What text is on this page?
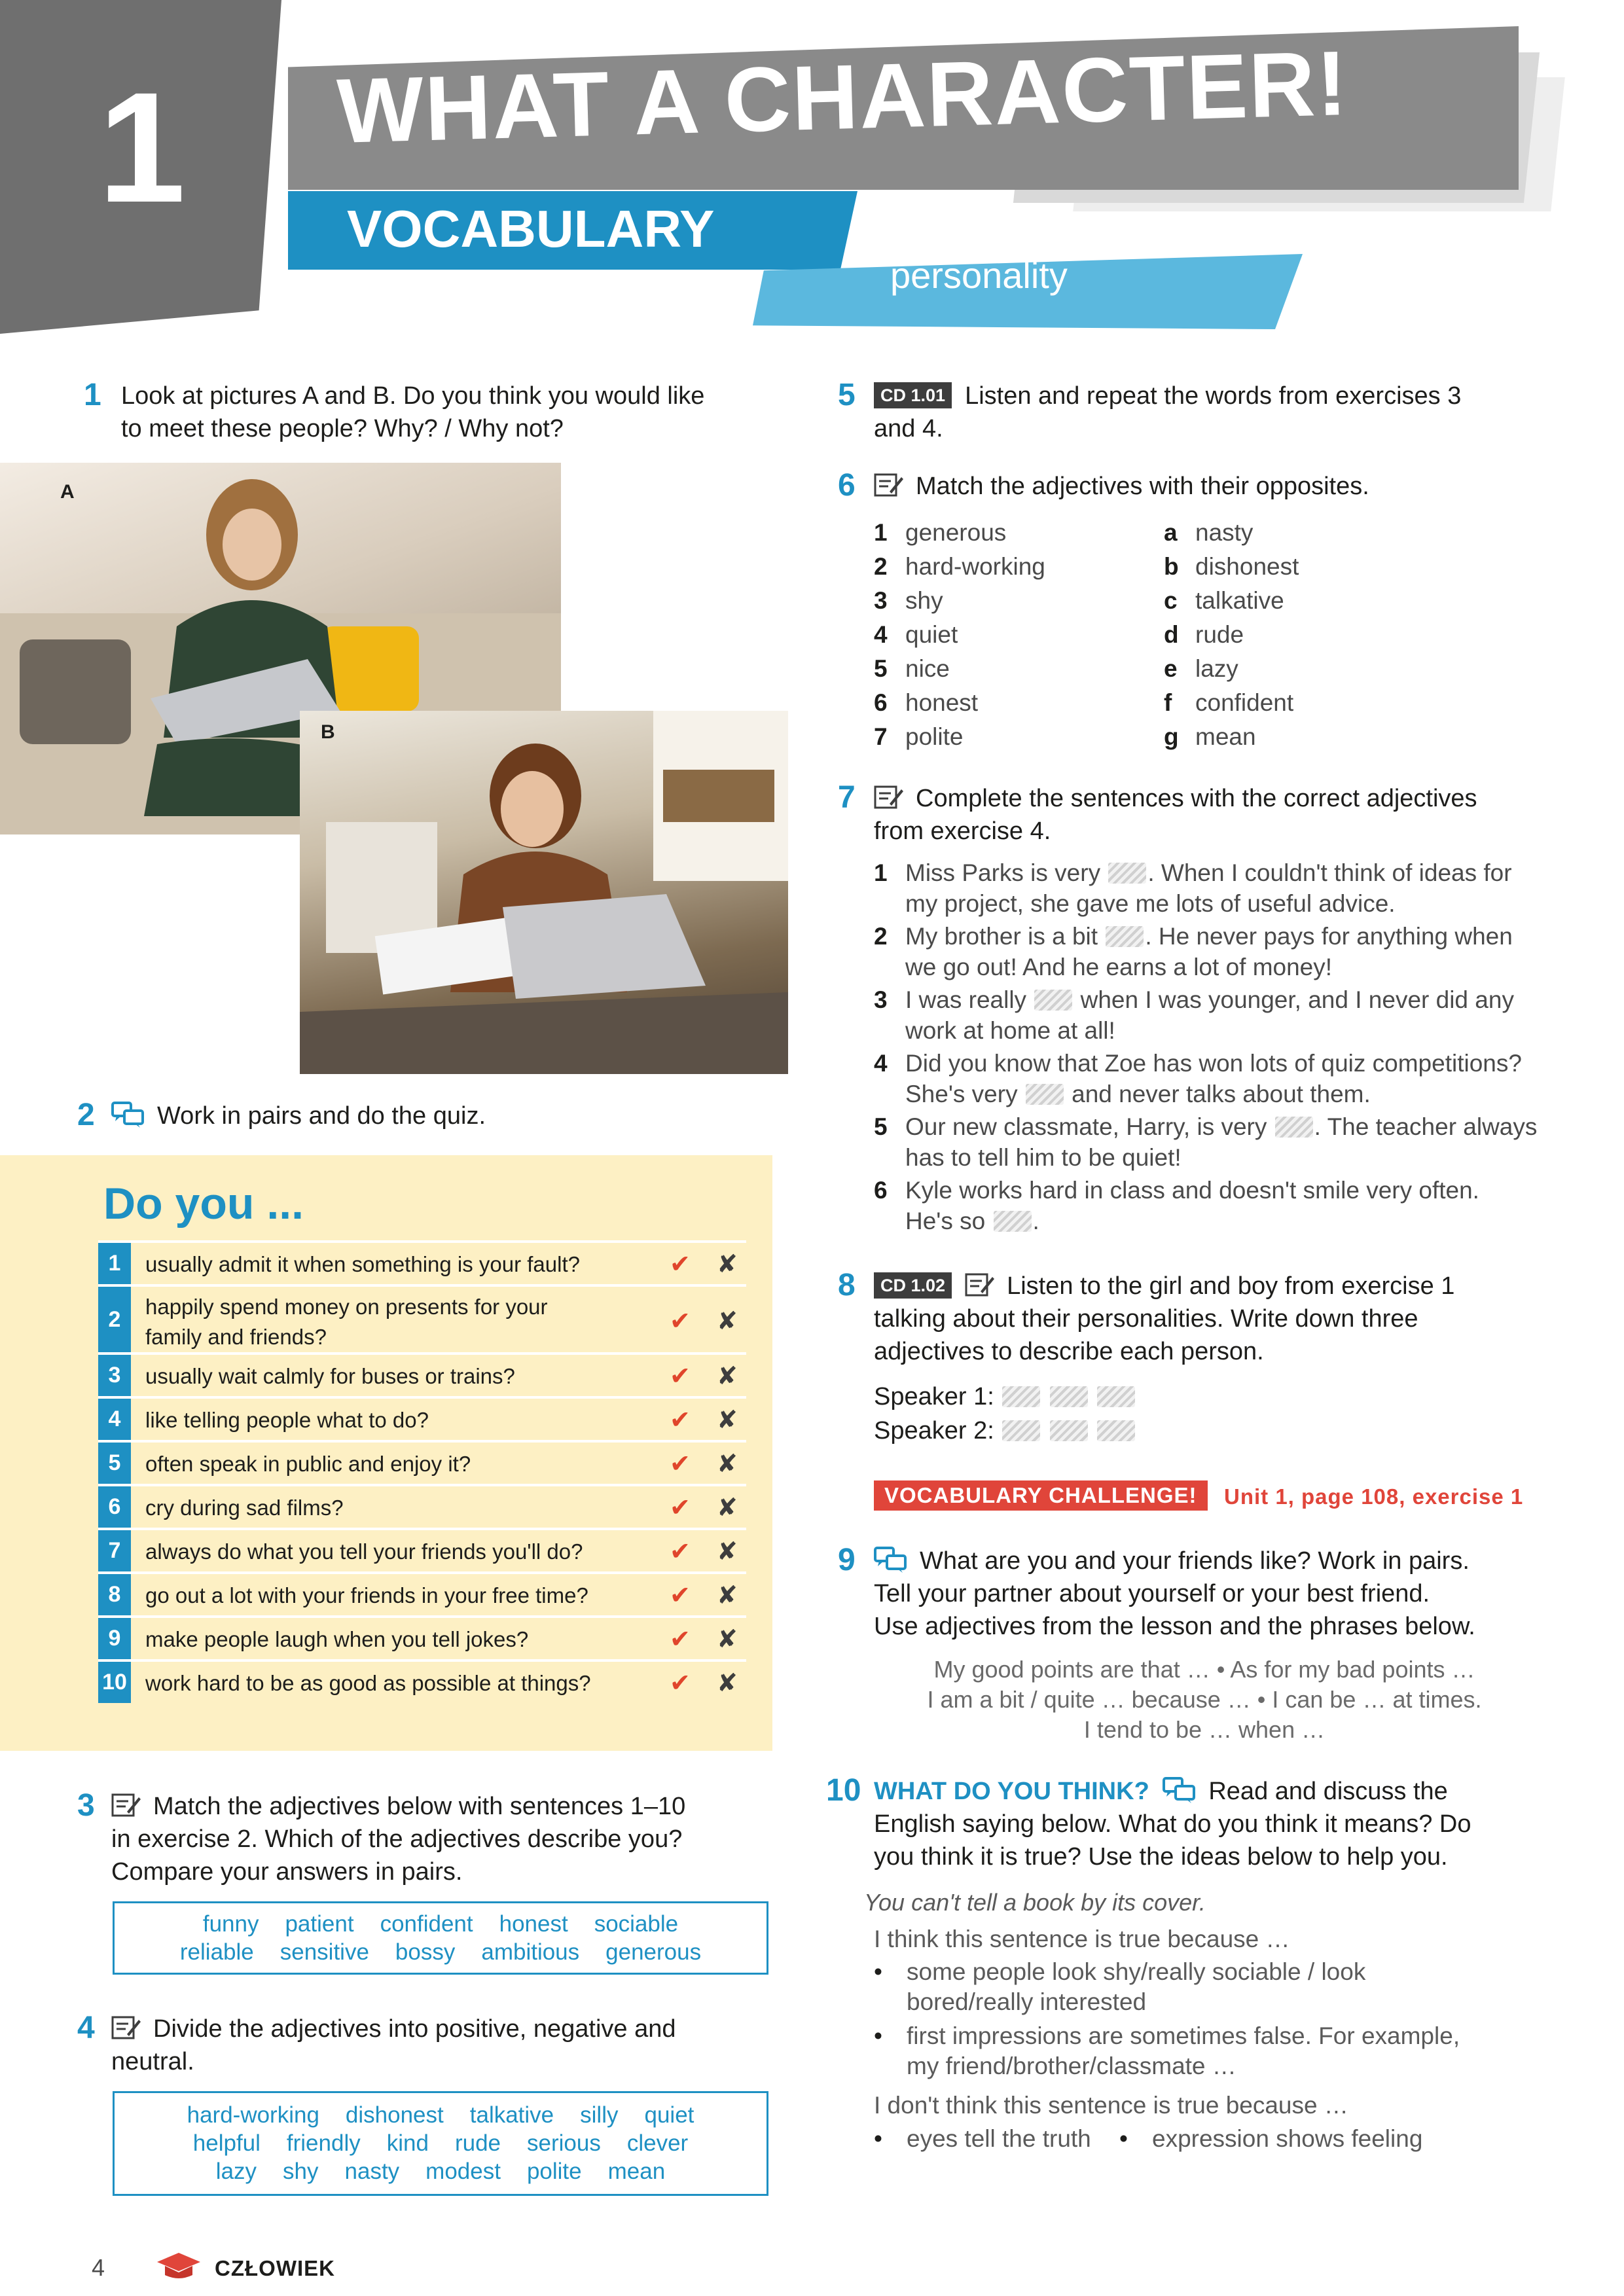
1 WHAT A CHARACTER!
VOCABULARY
personality
1 Look at pictures A and B. Do you think you would like
to meet these people? Why? / Why not?
A
B
2	Work in pairs and do the quiz.
Do you ...
1	usually admit it when something is your fault?	✔ ✘
2	happily spend money on presents for your
family and friends?
✔ ✘
3	usually wait calmly for buses or trains?	✔ ✘
4	like telling people what to do?	✔ ✘
5	often speak in public and enjoy it?	✔ ✘
6	cry during sad films?	✔ ✘
7	always do what you tell your friends you'll do?	✔ ✘
8	go out a lot with your friends in your free time?	✔ ✘
9	make people laugh when you tell jokes?	✔ ✘
10 work hard to be as good as possible at things?	✔ ✘
3	Match the adjectives below with sentences 1–10
in exercise 2. Which of the adjectives describe you?
Compare your answers in pairs.
funny patient confident honest sociable
reliable sensitive bossy ambitious generous
4	Divide the adjectives into positive, negative and
neutral.
hard-working dishonest talkative silly quiet
helpful friendly kind rude serious clever
lazy shy nasty modest polite mean
5	CD 1.01 Listen and repeat the words from exercises 3
and 4.
6	Match the adjectives with their opposites.
1 generous
2 hard-working
3 shy
4 quiet
5 nice
6 honest
7 polite
a nasty
b dishonest
c talkative
d rude
e lazy
f confident
g mean
7	Complete the sentences with the correct adjectives
from exercise 4.
1 Miss Parks is very . When I couldn't think of ideas for
my project, she gave me lots of useful advice.
2 My brother is a bit . He never pays for anything when
we go out! And he earns a lot of money!
3 I was really when I was younger, and I never did any
work at home at all!
4 Did you know that Zoe has won lots of quiz competitions?
She's very and never talks about them.
5 Our new classmate, Harry, is very . The teacher always
has to tell him to be quiet!
6 Kyle works hard in class and doesn't smile very often.
He's so .
8	CD 1.02 Listen to the girl and boy from exercise 1
talking about their personalities. Write down three
adjectives to describe each person.
Speaker 1:
Speaker 2:
VOCABULARY CHALLENGE!	Unit 1, page 108, exercise 1
9	What are you and your friends like? Work in pairs.
Tell your partner about yourself or your best friend.
Use adjectives from the lesson and the phrases below.
My good points are that … • As for my bad points …
I am a bit / quite … because … • I can be … at times.
I tend to be … when …
10 WHAT DO YOU THINK? Read and discuss the
English saying below. What do you think it means? Do
you think it is true? Use the ideas below to help you.
You can't tell a book by its cover.
I think this sentence is true because …
• some people look shy/really sociable / look
bored/really interested
• first impressions are sometimes false. For example,
my friend/brother/classmate …
I don't think this sentence is true because …
• eyes tell the truth
•	expression shows feeling
4	CZŁOWIEK
